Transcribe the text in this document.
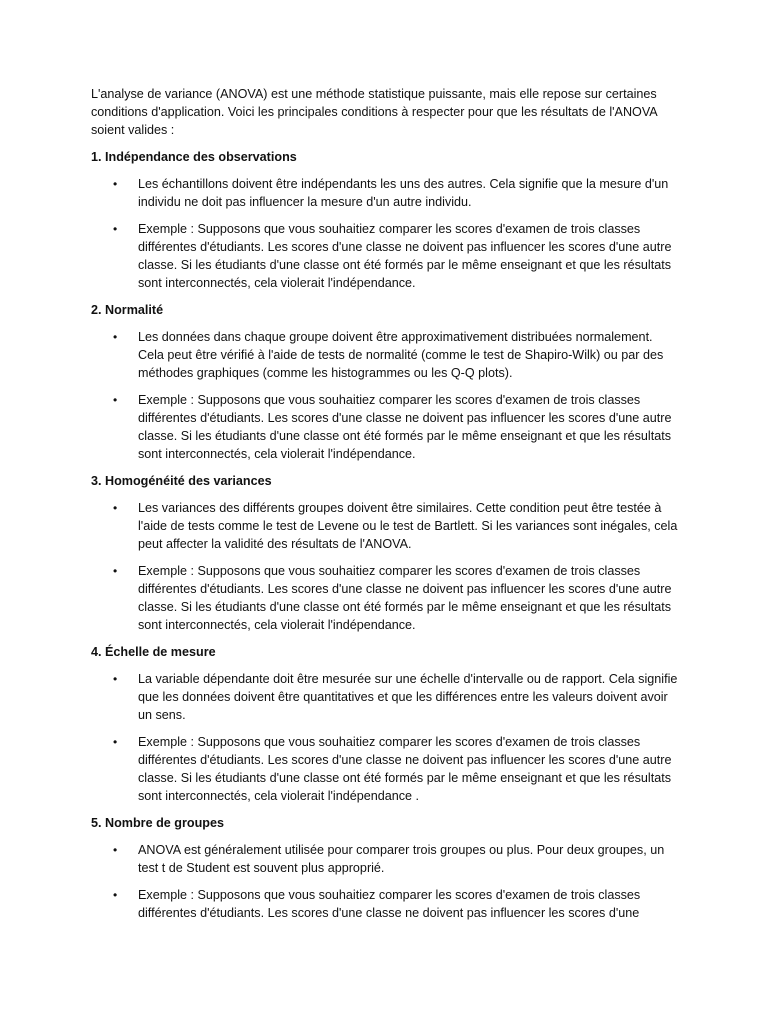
L'analyse de variance (ANOVA) est une méthode statistique puissante, mais elle repose sur certaines conditions d'application. Voici les principales conditions à respecter pour que les résultats de l'ANOVA soient valides :

1. Indépendance des observations
• Les échantillons doivent être indépendants les uns des autres. Cela signifie que la mesure d'un individu ne doit pas influencer la mesure d'un autre individu.
• Exemple : Supposons que vous souhaitiez comparer les scores d'examen de trois classes différentes d'étudiants. Les scores d'une classe ne doivent pas influencer les scores d'une autre classe. Si les étudiants d'une classe ont été formés par le même enseignant et que les résultats sont interconnectés, cela violerait l'indépendance.
2. Normalité
• Les données dans chaque groupe doivent être approximativement distribuées normalement. Cela peut être vérifié à l'aide de tests de normalité (comme le test de Shapiro-Wilk) ou par des méthodes graphiques (comme les histogrammes ou les Q-Q plots).
• Exemple : Supposons que vous souhaitiez comparer les scores d'examen de trois classes différentes d'étudiants. Les scores d'une classe ne doivent pas influencer les scores d'une autre classe. Si les étudiants d'une classe ont été formés par le même enseignant et que les résultats sont interconnectés, cela violerait l'indépendance.
3. Homogénéité des variances
• Les variances des différents groupes doivent être similaires. Cette condition peut être testée à l'aide de tests comme le test de Levene ou le test de Bartlett. Si les variances sont inégales, cela peut affecter la validité des résultats de l'ANOVA.
• Exemple : Supposons que vous souhaitiez comparer les scores d'examen de trois classes différentes d'étudiants. Les scores d'une classe ne doivent pas influencer les scores d'une autre classe. Si les étudiants d'une classe ont été formés par le même enseignant et que les résultats sont interconnectés, cela violerait l'indépendance.
4. Échelle de mesure
• La variable dépendante doit être mesurée sur une échelle d'intervalle ou de rapport. Cela signifie que les données doivent être quantitatives et que les différences entre les valeurs doivent avoir un sens.
• Exemple : Supposons que vous souhaitiez comparer les scores d'examen de trois classes différentes d'étudiants. Les scores d'une classe ne doivent pas influencer les scores d'une autre classe. Si les étudiants d'une classe ont été formés par le même enseignant et que les résultats sont interconnectés, cela violerait l'indépendance .
5. Nombre de groupes
• ANOVA est généralement utilisée pour comparer trois groupes ou plus. Pour deux groupes, un test t de Student est souvent plus approprié.
• Exemple : Supposons que vous souhaitiez comparer les scores d'examen de trois classes différentes d'étudiants. Les scores d'une classe ne doivent pas influencer les scores d'une
